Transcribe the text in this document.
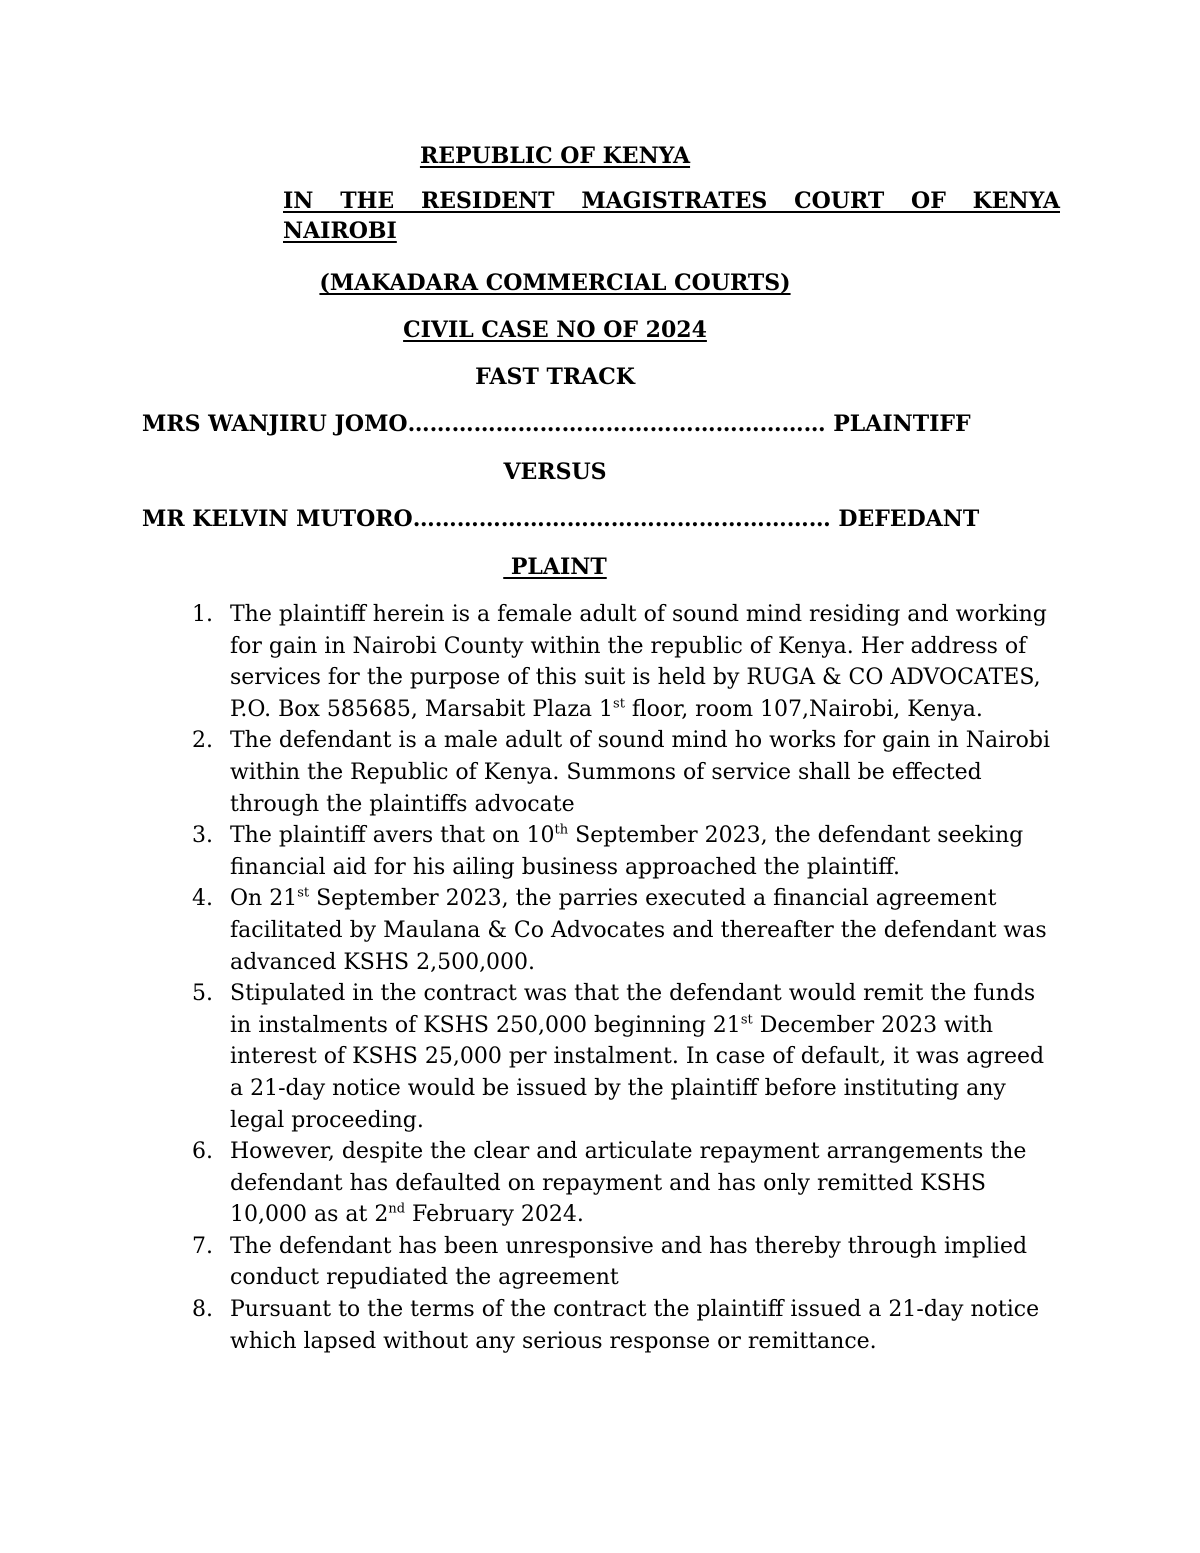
REPUBLIC OF KENYA
IN THE RESIDENT MAGISTRATES COURT OF KENYA NAIROBI
(MAKADARA COMMERCIAL COURTS)
CIVIL CASE NO OF 2024
FAST TRACK
MRS WANJIRU JOMO………………………………………………… PLAINTIFF
VERSUS
MR KELVIN MUTORO………………………………………………… DEFEDANT
PLAINT
1. The plaintiff herein is a female adult of sound mind residing and working for gain in Nairobi County within the republic of Kenya. Her address of services for the purpose of this suit is held by RUGA & CO ADVOCATES, P.O. Box 585685, Marsabit Plaza 1st floor, room 107,Nairobi, Kenya.
2. The defendant is a male adult of sound mind ho works for gain in Nairobi within the Republic of Kenya. Summons of service shall be effected through the plaintiffs advocate
3. The plaintiff avers that on 10th September 2023, the defendant seeking financial aid for his ailing business approached the plaintiff.
4. On 21st September 2023, the parries executed a financial agreement facilitated by Maulana & Co Advocates and thereafter the defendant was advanced KSHS 2,500,000.
5. Stipulated in the contract was that the defendant would remit the funds in instalments of KSHS 250,000 beginning 21st December 2023 with interest of KSHS 25,000 per instalment. In case of default, it was agreed a 21-day notice would be issued by the plaintiff before instituting any legal proceeding.
6. However, despite the clear and articulate repayment arrangements the defendant has defaulted on repayment and has only remitted KSHS 10,000 as at 2nd February 2024.
7. The defendant has been unresponsive and has thereby through implied conduct repudiated the agreement
8. Pursuant to the terms of the contract the plaintiff issued a 21-day notice which lapsed without any serious response or remittance.
